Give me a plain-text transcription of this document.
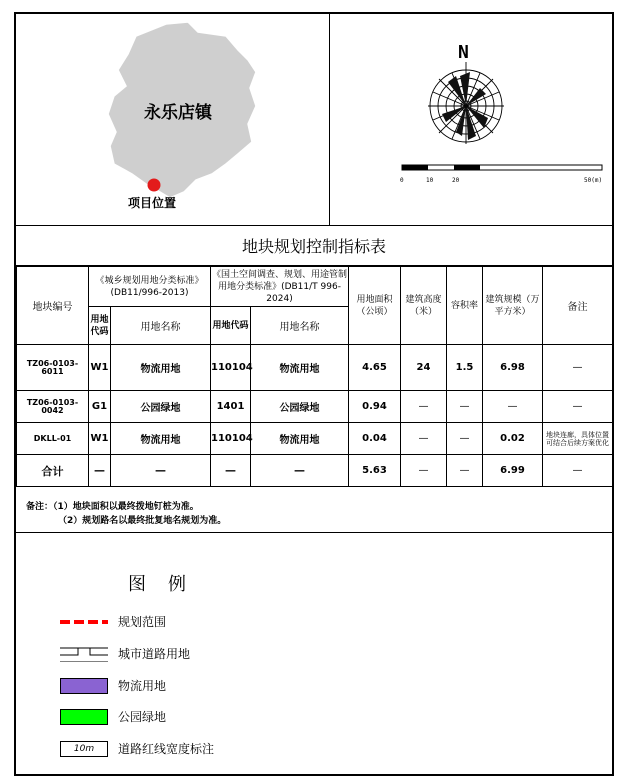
永乐店镇
项目位置
N
0	10	20	50(m)
地块规划控制指标表
地块编号	《城乡规划用地分类标准》(DB11/996-2013)		《国土空间调查、规划、用途管制用地分类标准》(DB11/T 996-2024)		用地面积（公顷）	建筑高度（米）	容积率	建筑规模（万平方米）	备注
	用地代码	用地名称	用地代码	用地名称					
TZ06-0103-6011	W1	物流用地	110104	物流用地	4.65	24	1.5	6.98	—
TZ06-0103-0042	G1	公园绿地	1401	公园绿地	0.94	—	—	—	—
DKLL-01	W1	物流用地	110104	物流用地	0.04	—	—	0.02	地块连廊，具体位置可结合后续方案优化
合计	—	—	—	—	5.63	—	—	6.99	—
备注：（1）地块面积以最终拨地钉桩为准。
（2）规划路名以最终批复地名规划为准。
图例
规划范围
城市道路用地
物流用地
公园绿地
10m	道路红线宽度标注
